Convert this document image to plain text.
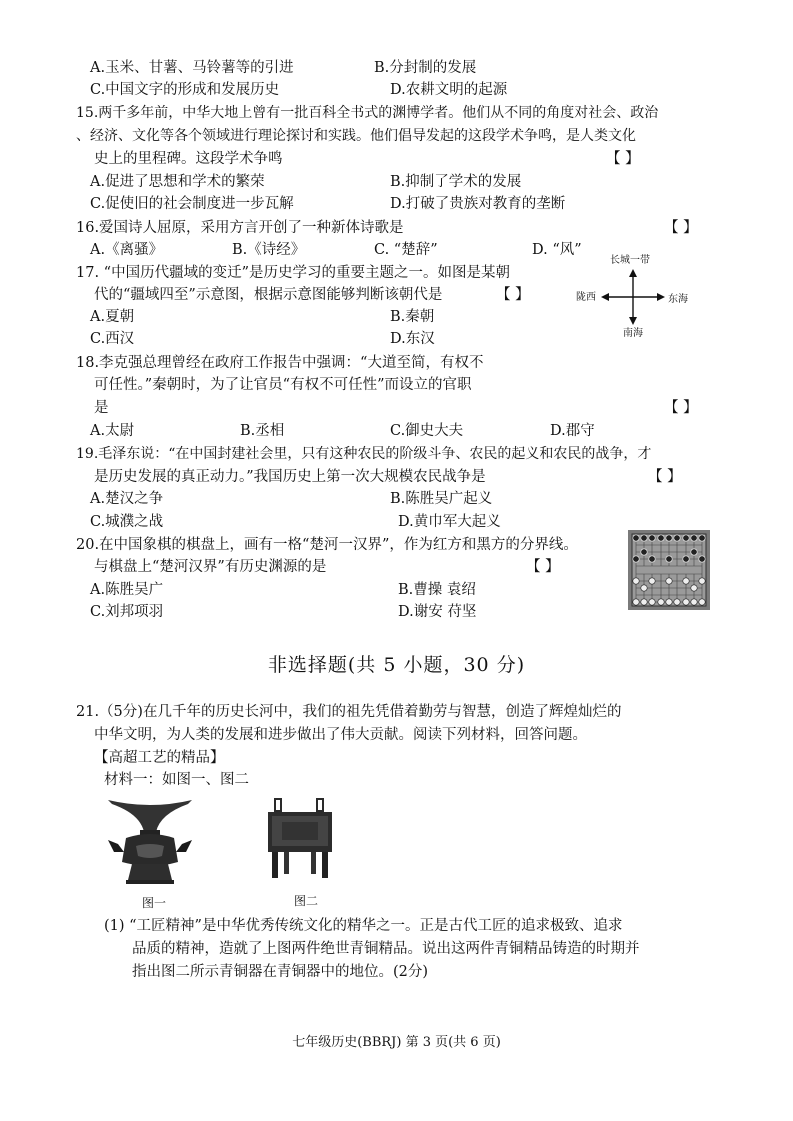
A.玉米、甘薯、马铃薯等的引进	B.分封制的发展
C.中国文字的形成和发展历史	D.农耕文明的起源
15.两千多年前，中华大地上曾有一批百科全书式的渊博学者。他们从不同的角度对社会、政治
、经济、文化等各个领域进行理论探讨和实践。他们倡导发起的这段学术争鸣，是人类文化
史上的里程碑。这段学术争鸣	【 】
A.促进了思想和学术的繁荣	B.抑制了学术的发展
C.促使旧的社会制度进一步瓦解	D.打破了贵族对教育的垄断
16.爱国诗人屈原，采用方言开创了一种新体诗歌是	【 】
A.《离骚》	B.《诗经》	C. “楚辞”	D. “风”
17. “中国历代疆域的变迁”是历史学习的重要主题之一。如图是某朝
代的“疆域四至”示意图，根据示意图能够判断该朝代是	【 】
A.夏朝	B.秦朝
C.西汉	D.东汉
长城一带
陇西	东海
南海
18.李克强总理曾经在政府工作报告中强调：“大道至简，有权不
可任性。”秦朝时，为了让官员“有权不可任性”而设立的官职
是	【 】
A.太尉	B.丞相	C.御史大夫	D.郡守
19.毛泽东说：“在中国封建社会里，只有这种农民的阶级斗争、农民的起义和农民的战争，才
是历史发展的真正动力。”我国历史上第一次大规模农民战争是	【 】
A.楚汉之争	B.陈胜吴广起义
C.城濮之战	D.黄巾军大起义
20.在中国象棋的棋盘上，画有一格“楚河一汉界”，作为红方和黑方的分界线。
与棋盘上“楚河汉界”有历史渊源的是	【 】
A.陈胜吴广	B.曹操 袁绍
C.刘邦项羽	D.谢安 苻坚
非选择题(共 5 小题，30 分)
21.（5分)在几千年的历史长河中，我们的祖先凭借着勤劳与智慧，创造了辉煌灿烂的
中华文明，为人类的发展和进步做出了伟大贡献。阅读下列材料，回答问题。
【高超工艺的精品】
材料一：如图一、图二
图一	图二
(1) “工匠精神”是中华优秀传统文化的精华之一。正是古代工匠的追求极致、追求
品质的精神，造就了上图两件绝世青铜精品。说出这两件青铜精品铸造的时期并
指出图二所示青铜器在青铜器中的地位。(2分)
七年级历史(BBRJ) 第 3 页(共 6 页)
